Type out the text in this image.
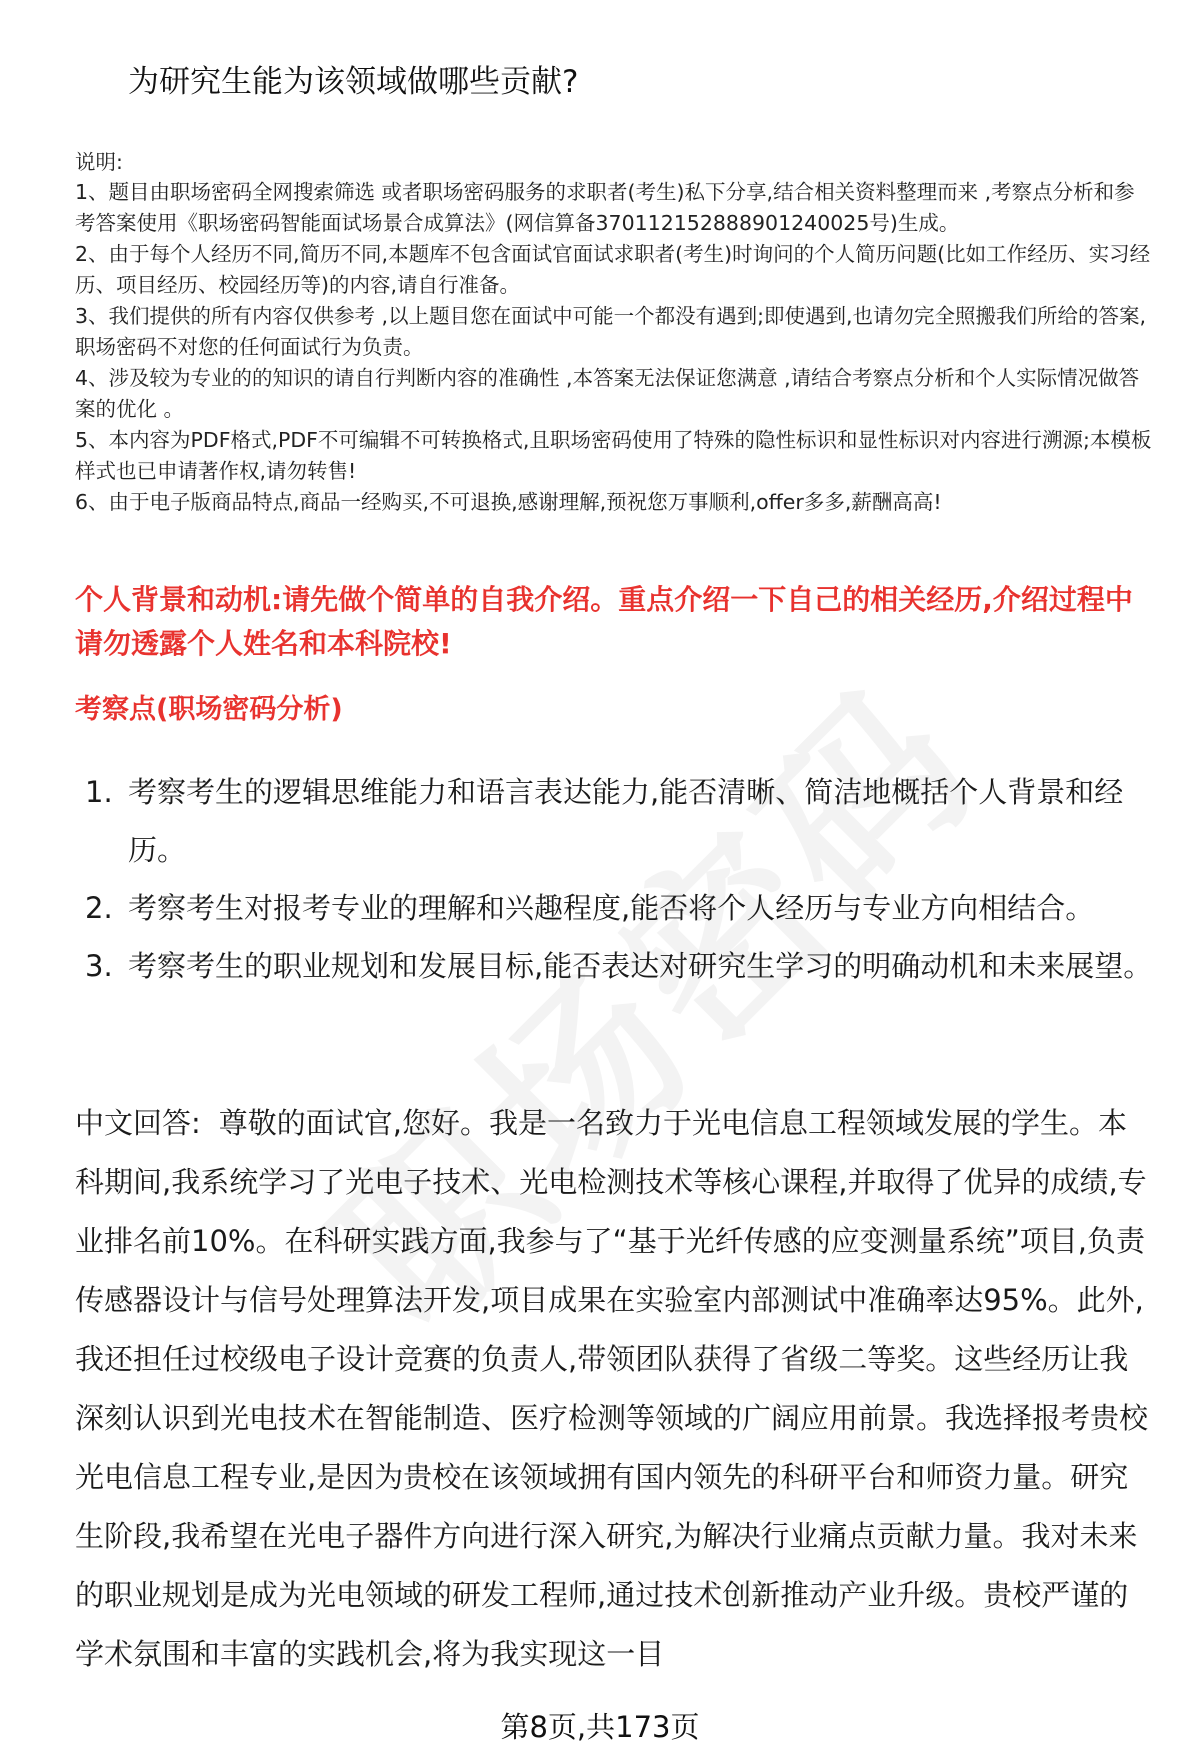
为研究生能为该领域做哪些贡献?
说明:

1、题目由职场密码全网搜索筛选 或者职场密码服务的求职者(考生)私下分享,结合相关资料整理而来 ,考察点分析和参考答案使用《职场密码智能面试场景合成算法》(网信算备370112152888901240025号)生成。

2、由于每个人经历不同,简历不同,本题库不包含面试官面试求职者(考生)时询问的个人简历问题(比如工作经历、实习经历、项目经历、校园经历等)的内容,请自行准备。

3、我们提供的所有内容仅供参考 ,以上题目您在面试中可能一个都没有遇到;即使遇到,也请勿完全照搬我们所给的答案,职场密码不对您的任何面试行为负责。

4、涉及较为专业的的知识的请自行判断内容的准确性 ,本答案无法保证您满意 ,请结合考察点分析和个人实际情况做答案的优化 。

5、本内容为PDF格式,PDF不可编辑不可转换格式,且职场密码使用了特殊的隐性标识和显性标识对内容进行溯源;本模板样式也已申请著作权,请勿转售!

6、由于电子版商品特点,商品一经购买,不可退换,感谢理解,预祝您万事顺利,offer多多,薪酬高高!

个人背景和动机:请先做个简单的自我介绍。重点介绍一下自己的相关经历,介绍过程中请勿透露个人姓名和本科院校!
考察点(职场密码分析)
1. 考察考生的逻辑思维能力和语言表达能力,能否清晰、简洁地概括个人背景和经历。
2. 考察考生对报考专业的理解和兴趣程度,能否将个人经历与专业方向相结合。
3. 考察考生的职业规划和发展目标,能否表达对研究生学习的明确动机和未来展望。
中文回答: 尊敬的面试官,您好。我是一名致力于光电信息工程领域发展的学生。本科期间,我系统学习了光电子技术、光电检测技术等核心课程,并取得了优异的成绩,专业排名前10%。在科研实践方面,我参与了“基于光纤传感的应变测量系统”项目,负责传感器设计与信号处理算法开发,项目成果在实验室内部测试中准确率达95%。此外,我还担任过校级电子设计竞赛的负责人,带领团队获得了省级二等奖。这些经历让我深刻认识到光电技术在智能制造、医疗检测等领域的广阔应用前景。我选择报考贵校光电信息工程专业,是因为贵校在该领域拥有国内领先的科研平台和师资力量。研究生阶段,我希望在光电子器件方向进行深入研究,为解决行业痛点贡献力量。我对未来的职业规划是成为光电领域的研发工程师,通过技术创新推动产业升级。贵校严谨的学术氛围和丰富的实践机会,将为我实现这一目
第8页,共173页
